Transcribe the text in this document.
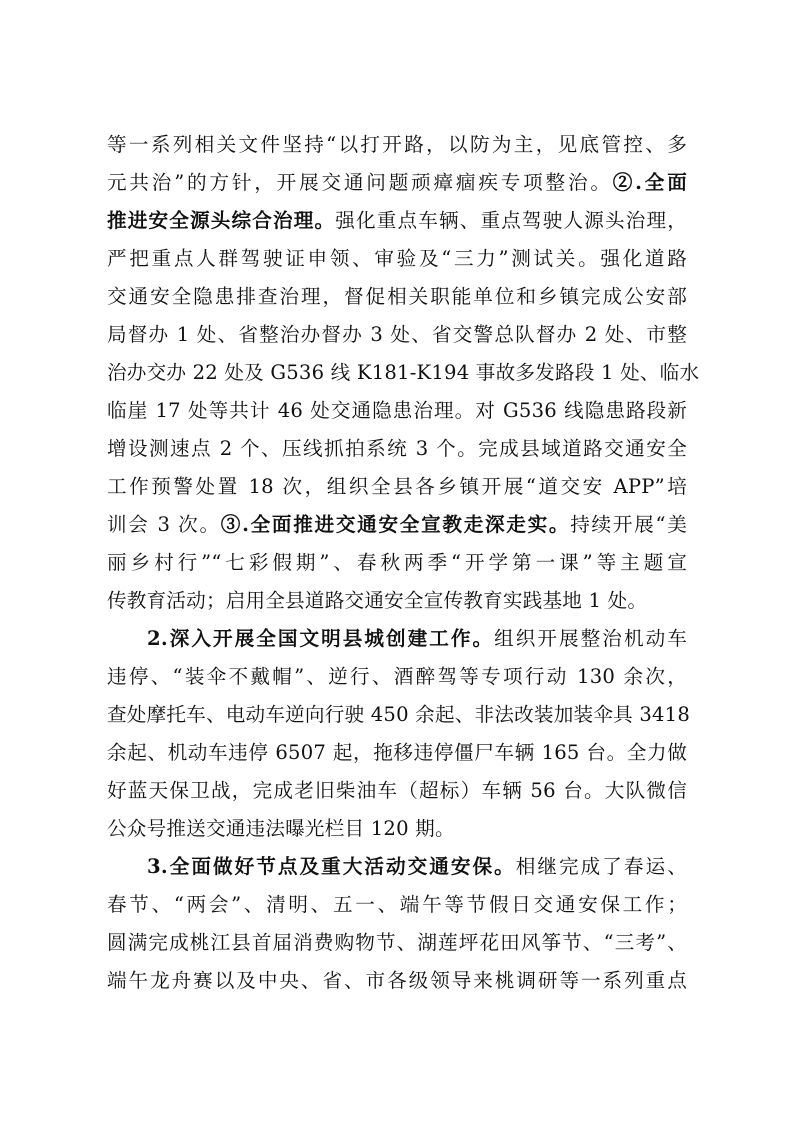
等一系列相关文件坚持“以打开路，以防为主，见底管控、多
元共治”的方针，开展交通问题顽瘴痼疾专项整治。②.全面
推进安全源头综合治理。强化重点车辆、重点驾驶人源头治理，
严把重点人群驾驶证申领、审验及“三力”测试关。强化道路
交通安全隐患排查治理，督促相关职能单位和乡镇完成公安部
局督办 1 处、省整治办督办 3 处、省交警总队督办 2 处、市整
治办交办 22 处及 G536 线 K181-K194 事故多发路段 1 处、临水
临崖 17 处等共计 46 处交通隐患治理。对 G536 线隐患路段新
增设测速点 2 个、压线抓拍系统 3 个。完成县域道路交通安全
工作预警处置 18 次，组织全县各乡镇开展“道交安 APP”培
训会 3 次。③.全面推进交通安全宣教走深走实。持续开展“美
丽乡村行”“七彩假期”、春秋两季“开学第一课”等主题宣
传教育活动；启用全县道路交通安全宣传教育实践基地 1 处。
2.深入开展全国文明县城创建工作。组织开展整治机动车
违停、“装伞不戴帽”、逆行、酒醉驾等专项行动 130 余次，
查处摩托车、电动车逆向行驶 450 余起、非法改装加装伞具 3418
余起、机动车违停 6507 起，拖移违停僵尸车辆 165 台。全力做
好蓝天保卫战，完成老旧柴油车（超标）车辆 56 台。大队微信
公众号推送交通违法曝光栏目 120 期。
3.全面做好节点及重大活动交通安保。相继完成了春运、
春节、“两会”、清明、五一、端午等节假日交通安保工作；
圆满完成桃江县首届消费购物节、湖莲坪花田风筝节、“三考”、
端午龙舟赛以及中央、省、市各级领导来桃调研等一系列重点
